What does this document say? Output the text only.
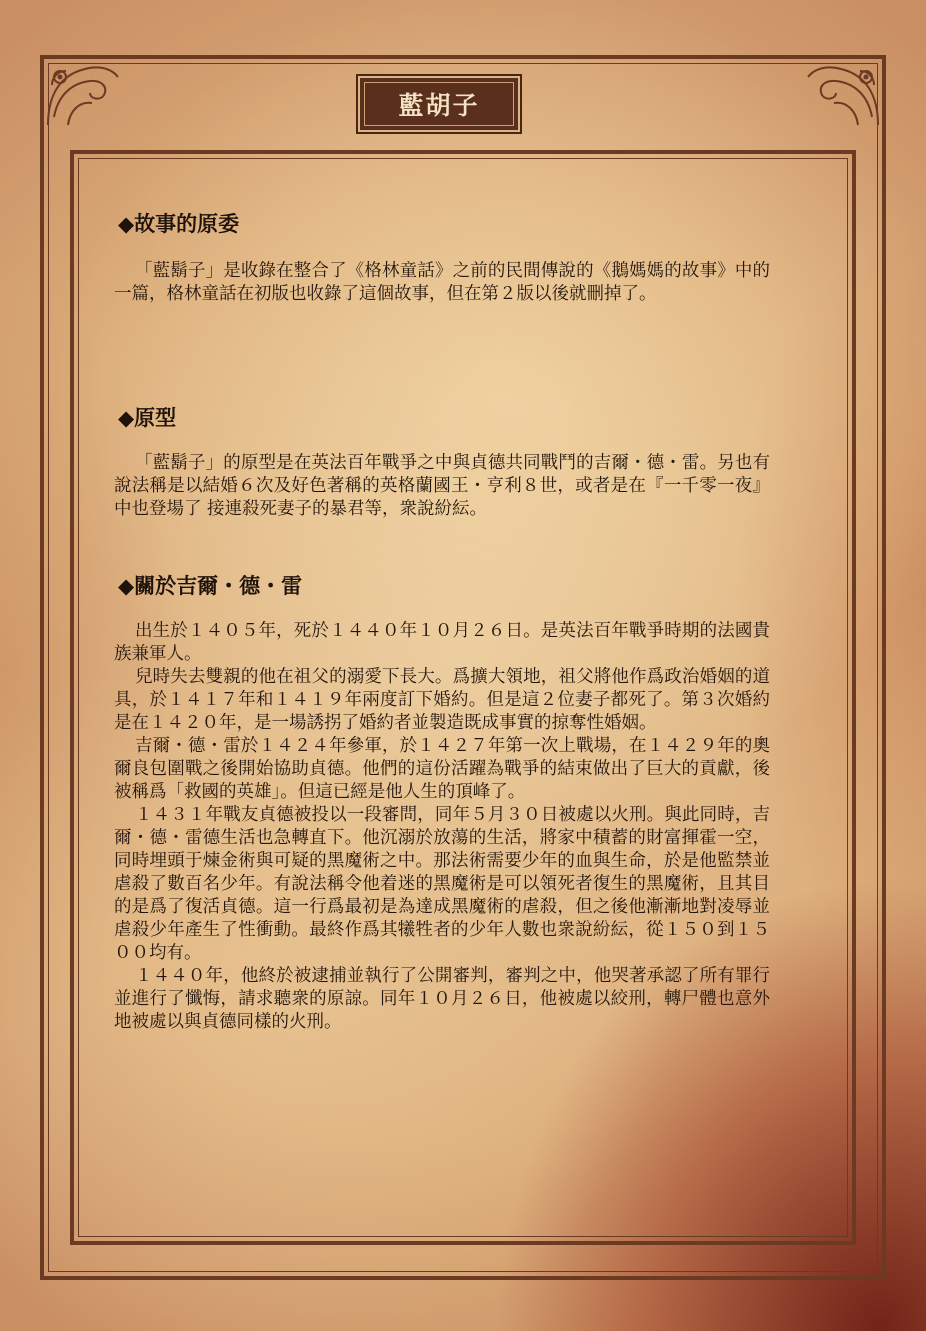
藍胡子
◆故事的原委

「藍鬍子」是收錄在整合了《格林童話》之前的民間傳說的《鵝媽媽的故事》中的一篇，格林童話在初版也收錄了這個故事，但在第２版以後就刪掉了。

◆原型

「藍鬍子」的原型是在英法百年戰爭之中與貞德共同戰鬥的吉爾・德・雷。另也有說法稱是以結婚６次及好色著稱的英格蘭國王・亨利８世，或者是在『一千零一夜』中也登場了 接連殺死妻子的暴君等，衆說紛紜。

◆關於吉爾・德・雷

出生於１４０５年，死於１４４０年１０月２６日。是英法百年戰爭時期的法國貴族兼軍人。

兒時失去雙親的他在祖父的溺愛下長大。爲擴大領地，祖父將他作爲政治婚姻的道具，於１４１７年和１４１９年兩度訂下婚約。但是這２位妻子都死了。第３次婚約是在１４２０年，是一場誘拐了婚約者並製造既成事實的掠奪性婚姻。

吉爾・德・雷於１４２４年參軍，於１４２７年第一次上戰場，在１４２９年的奧爾良包圍戰之後開始協助貞德。他們的這份活躍為戰爭的結束做出了巨大的貢獻，後被稱爲「救國的英雄」。但這已經是他人生的頂峰了。

１４３１年戰友貞德被投以一段審問，同年５月３０日被處以火刑。與此同時，吉爾・德・雷德生活也急轉直下。他沉溺於放蕩的生活，將家中積蓄的財富揮霍一空，同時埋頭于煉金術與可疑的黑魔術之中。那法術需要少年的血與生命，於是他監禁並虐殺了數百名少年。有說法稱令他着迷的黑魔術是可以領死者復生的黑魔術，且其目的是爲了復活貞德。這一行爲最初是為達成黑魔術的虐殺，但之後他漸漸地對凌辱並虐殺少年產生了性衝動。最終作爲其犧牲者的少年人數也衆說紛紜，從１５０到１５００均有。

１４４０年，他終於被逮捕並執行了公開審判，審判之中，他哭著承認了所有罪行並進行了懺悔，請求聽衆的原諒。同年１０月２６日，他被處以絞刑，轉尸體也意外地被處以與貞德同樣的火刑。
